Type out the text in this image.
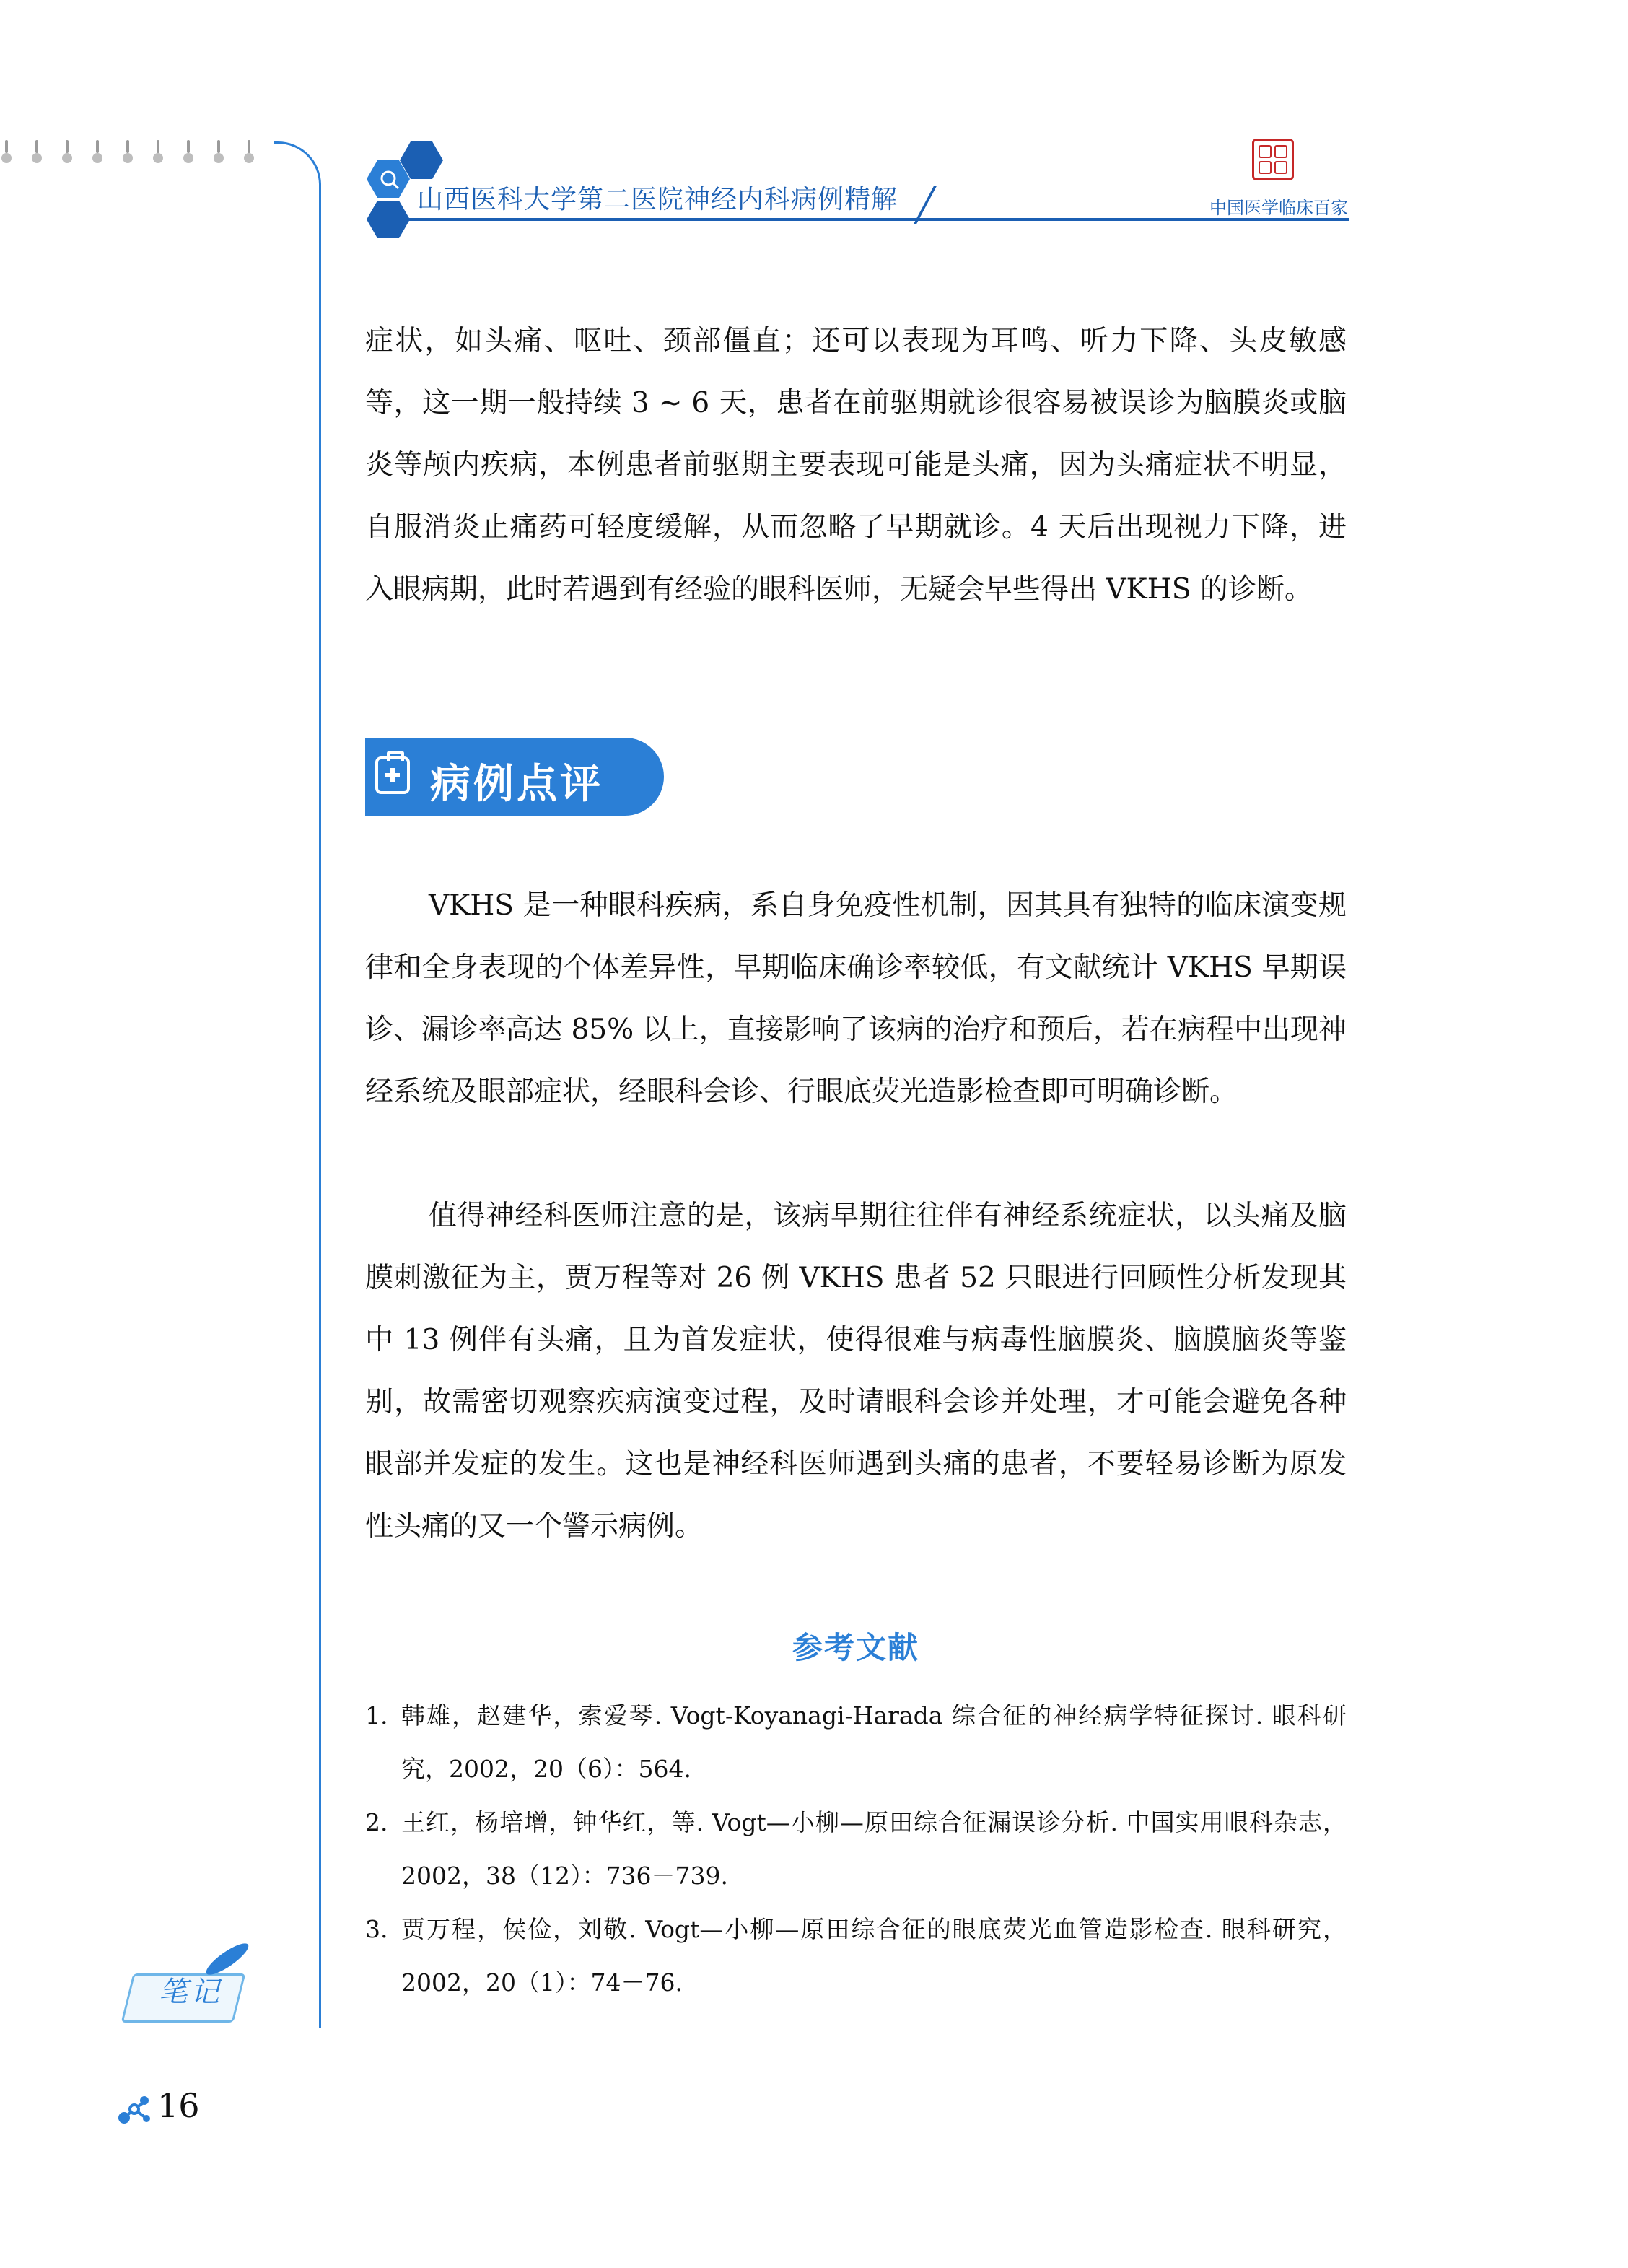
山西医科大学第二医院神经内科病例精解	中国医学临床百家

症状，如头痛、呕吐、颈部僵直；还可以表现为耳鸣、听力下降、头皮敏感等，这一期一般持续 3 ~ 6 天，患者在前驱期就诊很容易被误诊为脑膜炎或脑炎等颅内疾病，本例患者前驱期主要表现可能是头痛，因为头痛症状不明显，自服消炎止痛药可轻度缓解，从而忽略了早期就诊。4 天后出现视力下降，进入眼病期，此时若遇到有经验的眼科医师，无疑会早些得出 VKHS 的诊断。

病例点评

VKHS 是一种眼科疾病，系自身免疫性机制，因其具有独特的临床演变规律和全身表现的个体差异性，早期临床确诊率较低，有文献统计 VKHS 早期误诊、漏诊率高达 85% 以上，直接影响了该病的治疗和预后，若在病程中出现神经系统及眼部症状，经眼科会诊、行眼底荧光造影检查即可明确诊断。

值得神经科医师注意的是，该病早期往往伴有神经系统症状，以头痛及脑膜刺激征为主，贾万程等对 26 例 VKHS 患者 52 只眼进行回顾性分析发现其中 13 例伴有头痛，且为首发症状，使得很难与病毒性脑膜炎、脑膜脑炎等鉴别，故需密切观察疾病演变过程，及时请眼科会诊并处理，才可能会避免各种眼部并发症的发生。这也是神经科医师遇到头痛的患者，不要轻易诊断为原发性头痛的又一个警示病例。

参考文献
1. 韩雄，赵建华，索爱琴. Vogt-Koyanagi-Harada 综合征的神经病学特征探讨. 眼科研究，2002，20（6）：564.
2. 王红，杨培增，钟华红，等. Vogt—小柳—原田综合征漏误诊分析. 中国实用眼科杂志，2002，38（12）：736－739.
3. 贾万程，侯俭，刘敬. Vogt—小柳—原田综合征的眼底荧光血管造影检查. 眼科研究，2002，20（1）：74－76.
笔记
16
